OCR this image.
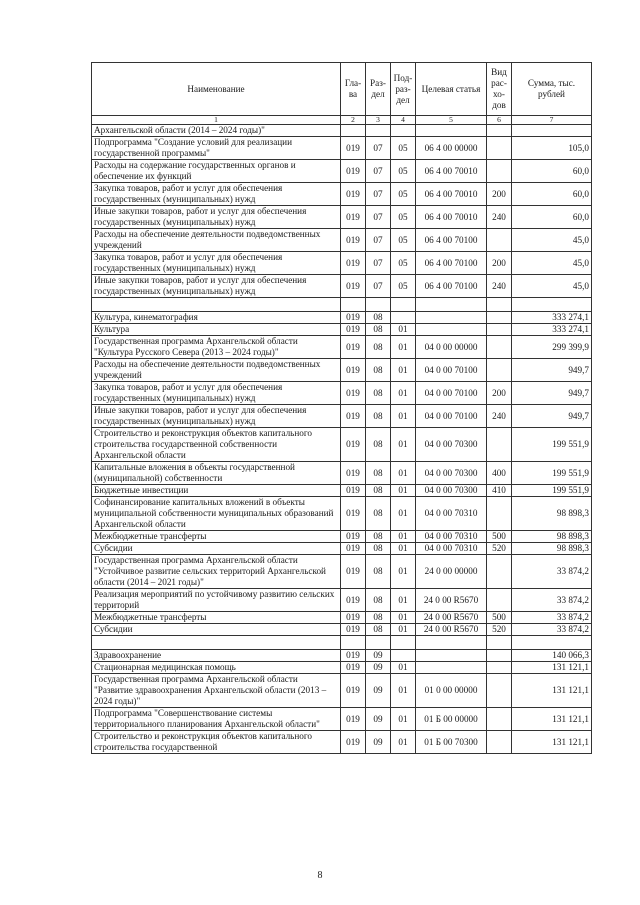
Наименование	Гла-ва	Раз-дел	Под-раз-дел	Целевая статья	Вид рас-хо-дов	Сумма, тыс. рублей
1	2	3	4	5	6	7
Архангельской области (2014 – 2024 годы)"						
Подпрограмма "Создание условий для реализации государственной программы"	019	07	05	06 4 00 00000		105,0
Расходы на содержание государственных органов и обеспечение их функций	019	07	05	06 4 00 70010		60,0
Закупка товаров, работ и услуг для обеспечения государственных (муниципальных) нужд	019	07	05	06 4 00 70010	200	60,0
Иные закупки товаров, работ и услуг для обеспечения государственных (муниципальных) нужд	019	07	05	06 4 00 70010	240	60,0
Расходы на обеспечение деятельности подведомственных учреждений	019	07	05	06 4 00 70100		45,0
Закупка товаров, работ и услуг для обеспечения государственных (муниципальных) нужд	019	07	05	06 4 00 70100	200	45,0
Иные закупки товаров, работ и услуг для обеспечения государственных (муниципальных) нужд	019	07	05	06 4 00 70100	240	45,0

Культура, кинематография	019	08				333 274,1
Культура	019	08	01			333 274,1
Государственная программа Архангельской области "Культура Русского Севера (2013 – 2024 годы)"	019	08	01	04 0 00 00000		299 399,9
Расходы на обеспечение деятельности подведомственных учреждений	019	08	01	04 0 00 70100		949,7
Закупка товаров, работ и услуг для обеспечения государственных (муниципальных) нужд	019	08	01	04 0 00 70100	200	949,7
Иные закупки товаров, работ и услуг для обеспечения государственных (муниципальных) нужд	019	08	01	04 0 00 70100	240	949,7
Строительство и реконструкция объектов капитального строительства государственной собственности Архангельской области	019	08	01	04 0 00 70300		199 551,9
Капитальные вложения в объекты государственной (муниципальной) собственности	019	08	01	04 0 00 70300	400	199 551,9
Бюджетные инвестиции	019	08	01	04 0 00 70300	410	199 551,9
Софинансирование капитальных вложений в объекты муниципальной собственности муниципальных образований Архангельской области	019	08	01	04 0 00 70310		98 898,3
Межбюджетные трансферты	019	08	01	04 0 00 70310	500	98 898,3
Субсидии	019	08	01	04 0 00 70310	520	98 898,3
Государственная программа Архангельской области "Устойчивое развитие сельских территорий Архангельской области (2014 – 2021 годы)"	019	08	01	24 0 00 00000		33 874,2
Реализация мероприятий по устойчивому развитию сельских территорий	019	08	01	24 0 00 R5670		33 874,2
Межбюджетные трансферты	019	08	01	24 0 00 R5670	500	33 874,2
Субсидии	019	08	01	24 0 00 R5670	520	33 874,2

Здравоохранение	019	09				140 066,3
Стационарная медицинская помощь	019	09	01			131 121,1
Государственная программа Архангельской области "Развитие здравоохранения Архангельской области (2013 – 2024 годы)"	019	09	01	01 0 00 00000		131 121,1
Подпрограмма "Совершенствование системы территориального планирования Архангельской области"	019	09	01	01 Б 00 00000		131 121,1
Строительство и реконструкция объектов капитального строительства государственной	019	09	01	01 Б 00 70300		131 121,1
8
